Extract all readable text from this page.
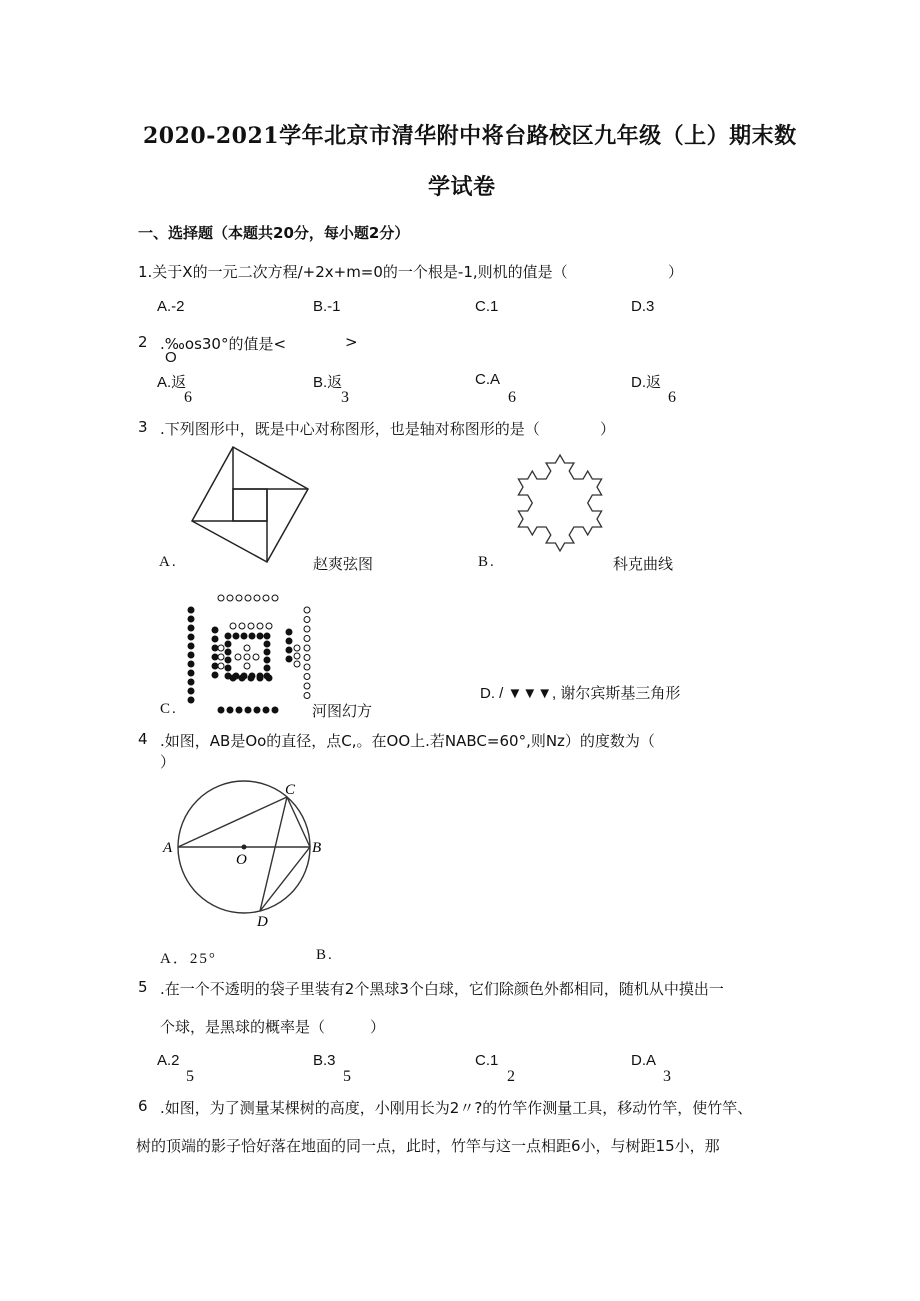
2020-2021学年北京市清华附中将台路校区九年级（上）期末数
学试卷
一、选择题（本题共20分，每小题2分）
1.关于X的一元二次方程/+2x+m=0的一个根是-1,则机的值是（	）
A.-2	B.-1	C.1	D.3
2 .‰os30°的值是<	>
O
A.返	B.返	C.A	D.返
6	3	6	6
3 .下列图形中，既是中心对称图形，也是轴对称图形的是（	）
A.	赵爽弦图	B.	科克曲线
C.	河图幻方
D. / ▼▼▼, 谢尔宾斯基三角形
4 .如图，AB是Oo的直径，点C,。在OO上.若NABC=60°,则Nz）的度数为（
）
A	B
C
D
O
A．25°	B.
5 .在一个不透明的袋子里装有2个黑球3个白球，它们除颜色外都相同，随机从中摸出一
个球，是黑球的概率是（	）
A.2	B.3	C.1	D.A
5	5	2	3
6 .如图，为了测量某棵树的高度，小刚用长为2〃?的竹竿作测量工具，移动竹竿，使竹竿、
树的顶端的影子恰好落在地面的同一点，此时，竹竿与这一点相距6小，与树距15小，那
